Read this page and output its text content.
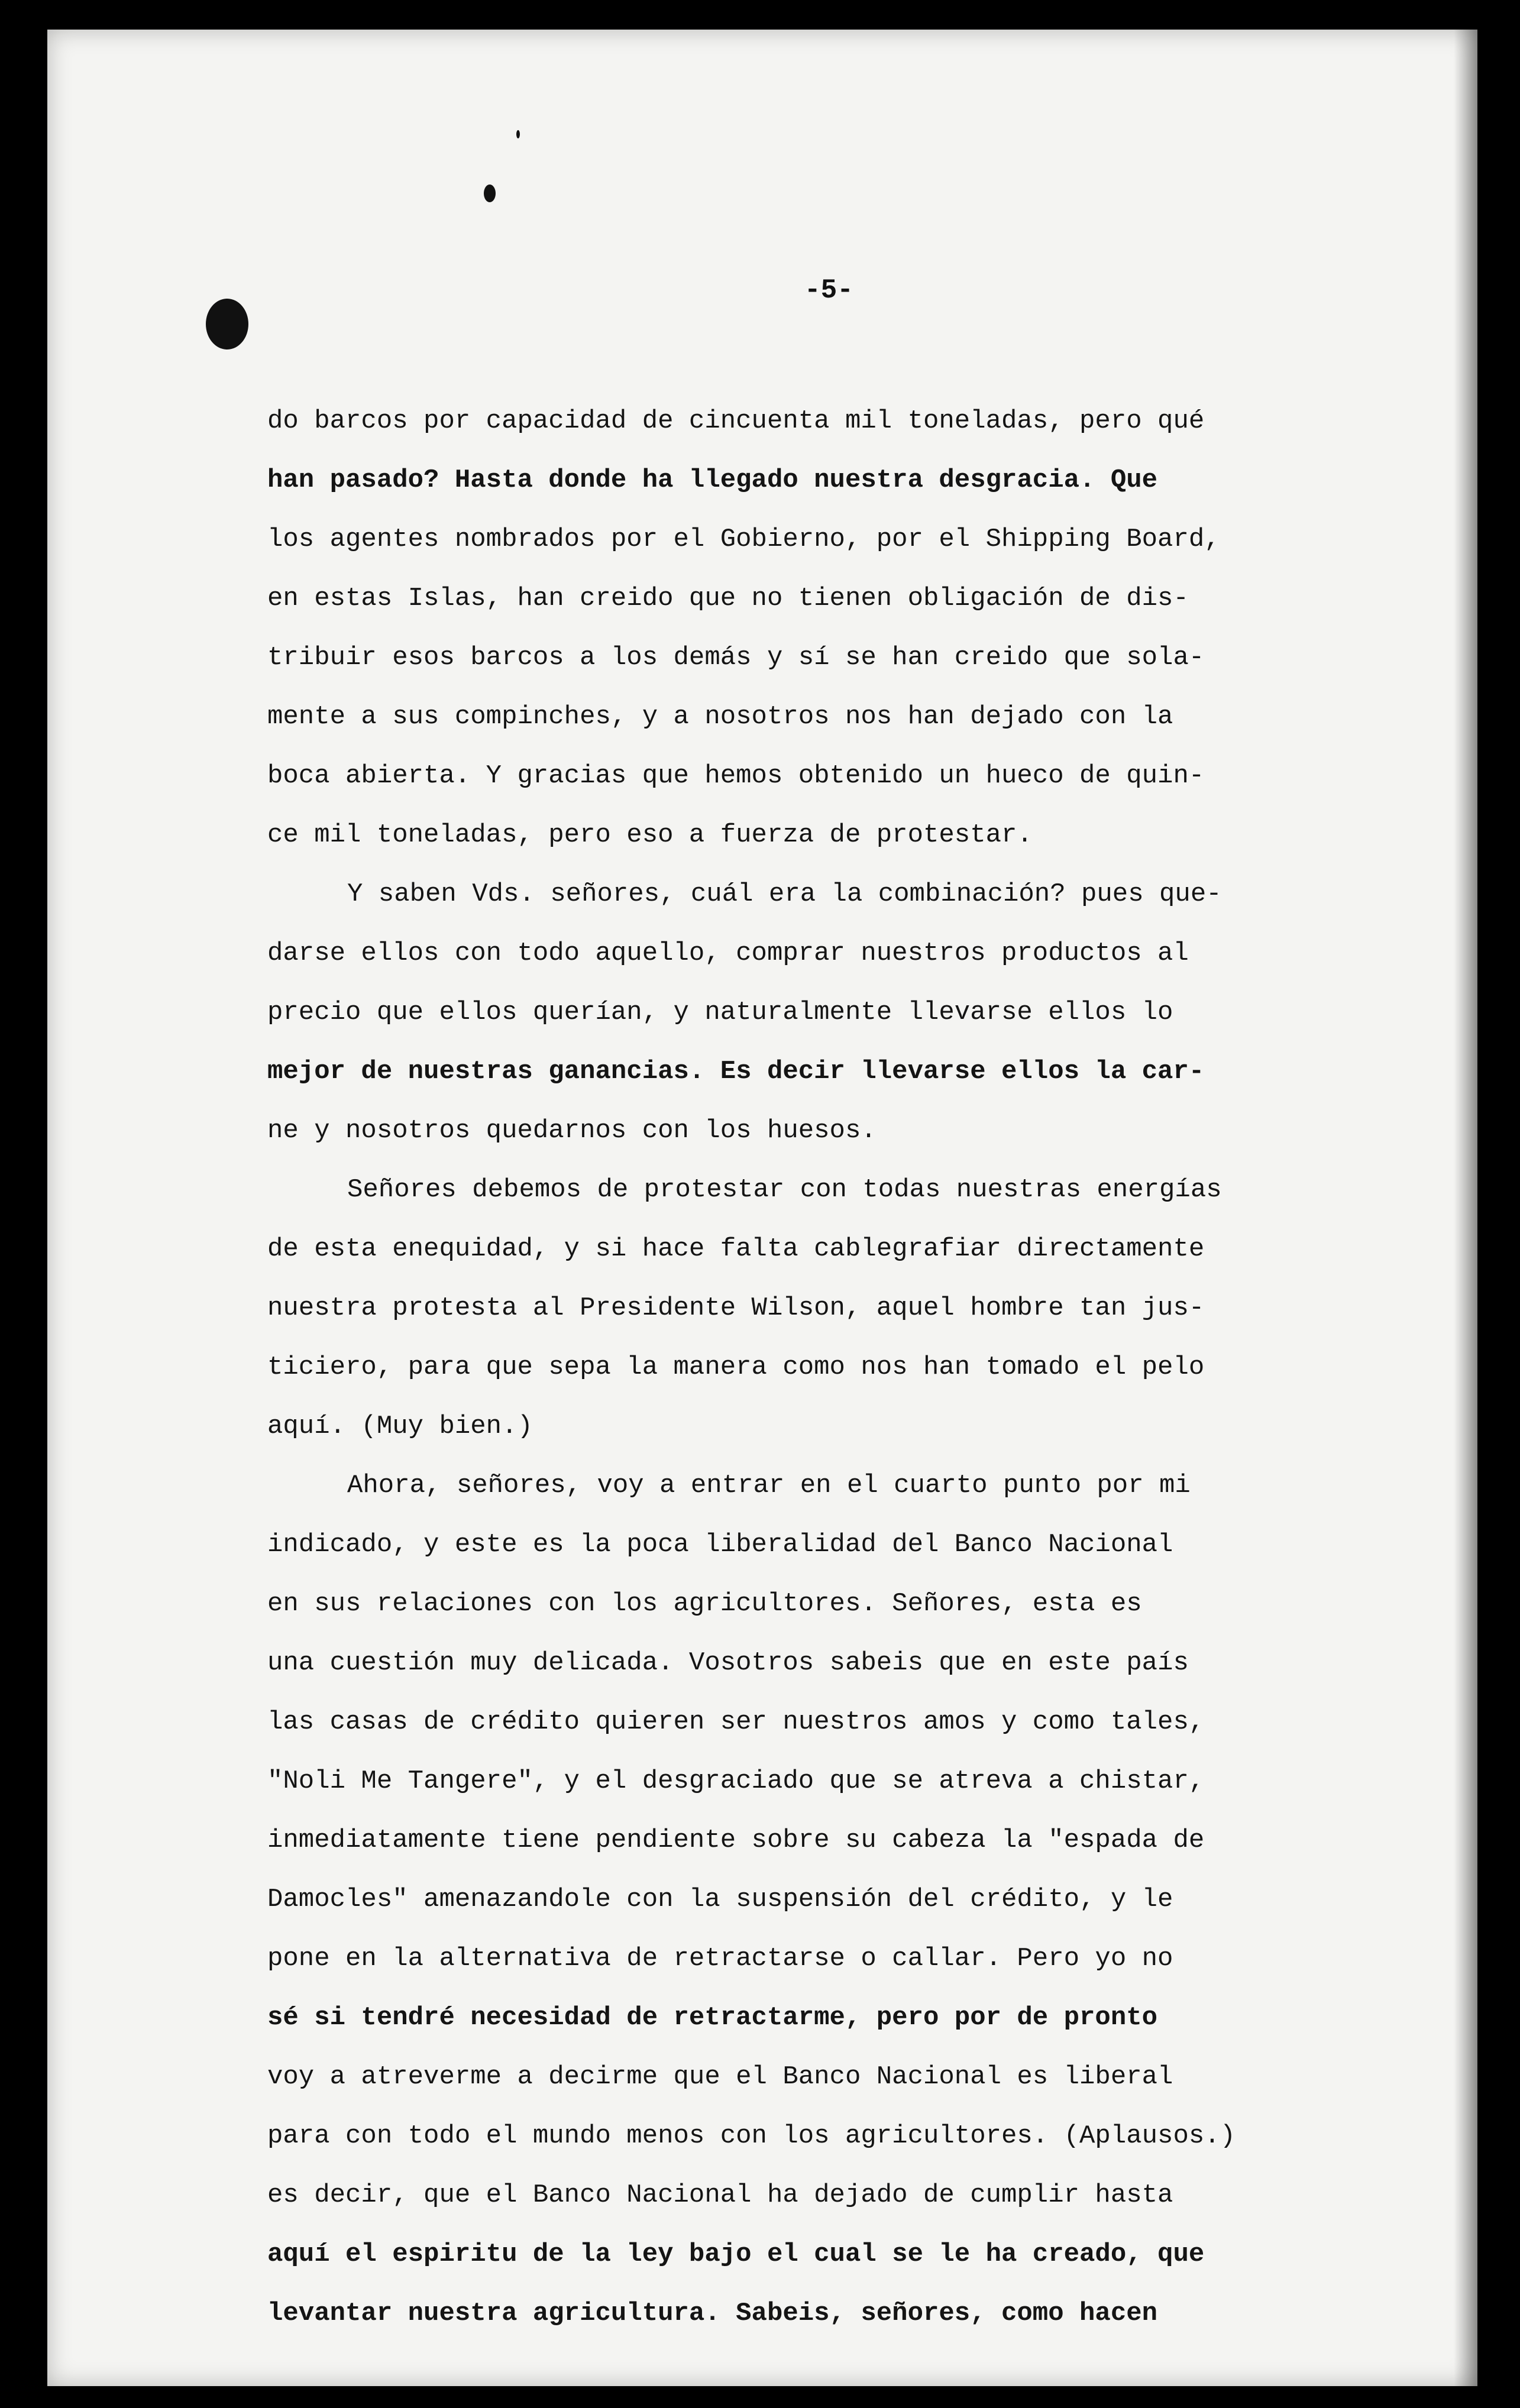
-5-
do barcos por capacidad de cincuenta mil toneladas, pero qué
han pasado? Hasta donde ha llegado nuestra desgracia. Que
los agentes nombrados por el Gobierno, por el Shipping Board,
en estas Islas, han creido que no tienen obligación de dis-
tribuir esos barcos a los demás y sí se han creido que sola-
mente a sus compinches, y a nosotros nos han dejado con la
boca abierta. Y gracias que hemos obtenido un hueco de quin-
ce mil toneladas, pero eso a fuerza de protestar.
Y saben Vds. señores, cuál era la combinación? pues que-
darse ellos con todo aquello, comprar nuestros productos al
precio que ellos querían, y naturalmente llevarse ellos lo
mejor de nuestras ganancias. Es decir llevarse ellos la car-
ne y nosotros quedarnos con los huesos.
Señores debemos de protestar con todas nuestras energías
de esta enequidad, y si hace falta cablegrafiar directamente
nuestra protesta al Presidente Wilson, aquel hombre tan jus-
ticiero, para que sepa la manera como nos han tomado el pelo
aquí. (Muy bien.)
Ahora, señores, voy a entrar en el cuarto punto por mi
indicado, y este es la poca liberalidad del Banco Nacional
en sus relaciones con los agricultores. Señores, esta es
una cuestión muy delicada. Vosotros sabeis que en este país
las casas de crédito quieren ser nuestros amos y como tales,
"Noli Me Tangere", y el desgraciado que se atreva a chistar,
inmediatamente tiene pendiente sobre su cabeza la "espada de
Damocles" amenazandole con la suspensión del crédito, y le
pone en la alternativa de retractarse o callar. Pero yo no
sé si tendré necesidad de retractarme, pero por de pronto
voy a atreverme a decirme que el Banco Nacional es liberal
para con todo el mundo menos con los agricultores. (Aplausos.)
es decir, que el Banco Nacional ha dejado de cumplir hasta
aquí el espiritu de la ley bajo el cual se le ha creado, que
levantar nuestra agricultura. Sabeis, señores, como hacen
